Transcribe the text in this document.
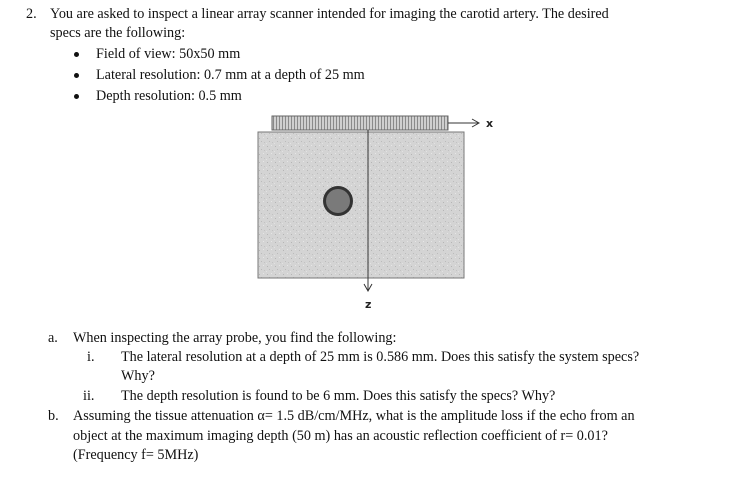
2. You are asked to inspect a linear array scanner intended for imaging the carotid artery. The desired
specs are the following:
Field of view: 50x50 mm
Lateral resolution: 0.7 mm at a depth of 25 mm
Depth resolution: 0.5 mm
x
z
a. When inspecting the array probe, you find the following:
i. The lateral resolution at a depth of 25 mm is 0.586 mm. Does this satisfy the system specs?
Why?
ii. The depth resolution is found to be 6 mm. Does this satisfy the specs? Why?
b. Assuming the tissue attenuation α= 1.5 dB/cm/MHz, what is the amplitude loss if the echo from an
object at the maximum imaging depth (50 m) has an acoustic reflection coefficient of r= 0.01?
(Frequency f= 5MHz)
